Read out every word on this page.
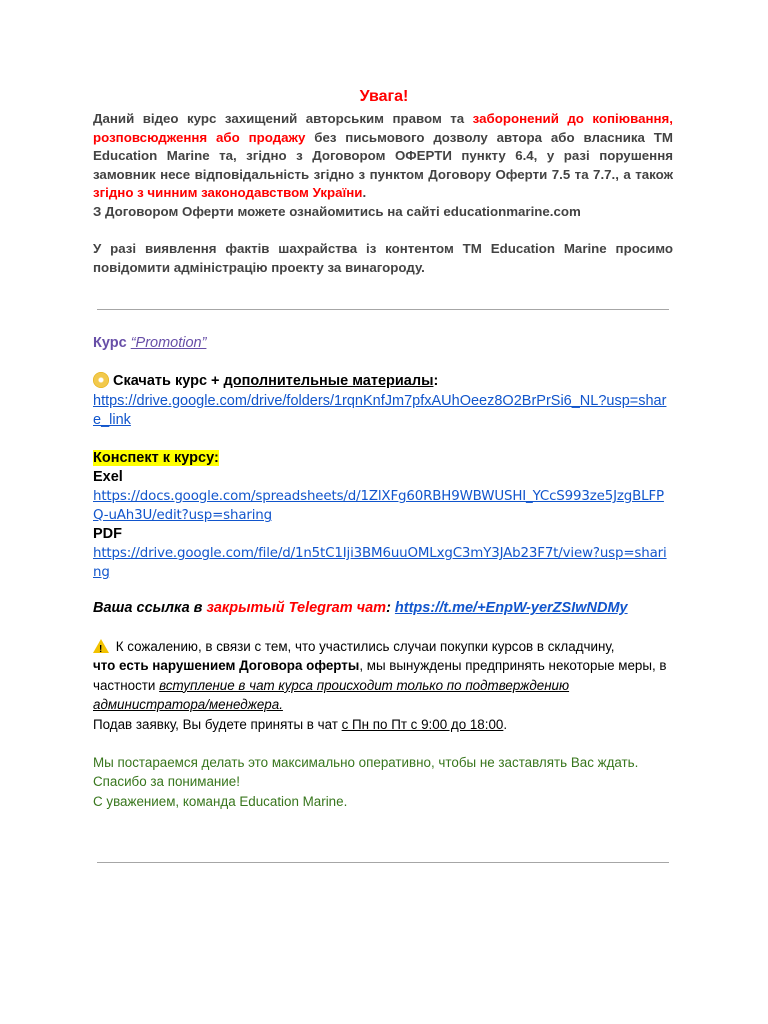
Увага!
Даний відео курс захищений авторським правом та заборонений до копіювання, розповсюдження або продажу без письмового дозволу автора або власника ТМ Education Marine та, згідно з Договором ОФЕРТИ пункту 6.4, у разі порушення замовник несе відповідальність згідно з пунктом Договору Оферти 7.5 та 7.7., а також згідно з чинним законодавством України.
З Договором Оферти можете ознайомитись на сайті educationmarine.com

У разі виявлення фактів шахрайства із контентом ТМ Education Marine просимо повідомити адміністрацію проекту за винагороду.
Курс “Promotion”
Скачать курс + дополнительные материалы:
https://drive.google.com/drive/folders/1rqnKnfJm7pfxAUhOeez8O2BrPrSi6_NL?usp=share_link
Конспект к курсу:
Exel
https://docs.google.com/spreadsheets/d/1ZlXFg60RBH9WBWUSHI_YCcS993ze5JzgBLFPQ-uAh3U/edit?usp=sharing
PDF
https://drive.google.com/file/d/1n5tC1Iji3BM6uuOMLxgC3mY3JAb23F7t/view?usp=sharing
Ваша ссылка в закрытый Telegram чат: https://t.me/+EnpW-yerZSIwNDMy
! К сожалению, в связи с тем, что участились случаи покупки курсов в складчину,
что есть нарушением Договора оферты, мы вынуждены предпринять некоторые меры, в частности вступление в чат курса происходит только по подтверждению администратора/менеджера.
Подав заявку, Вы будете приняты в чат с Пн по Пт с 9:00 до 18:00.
Мы постараемся делать это максимально оперативно, чтобы не заставлять Вас ждать.
Спасибо за понимание!
С уважением, команда Education Marine.
